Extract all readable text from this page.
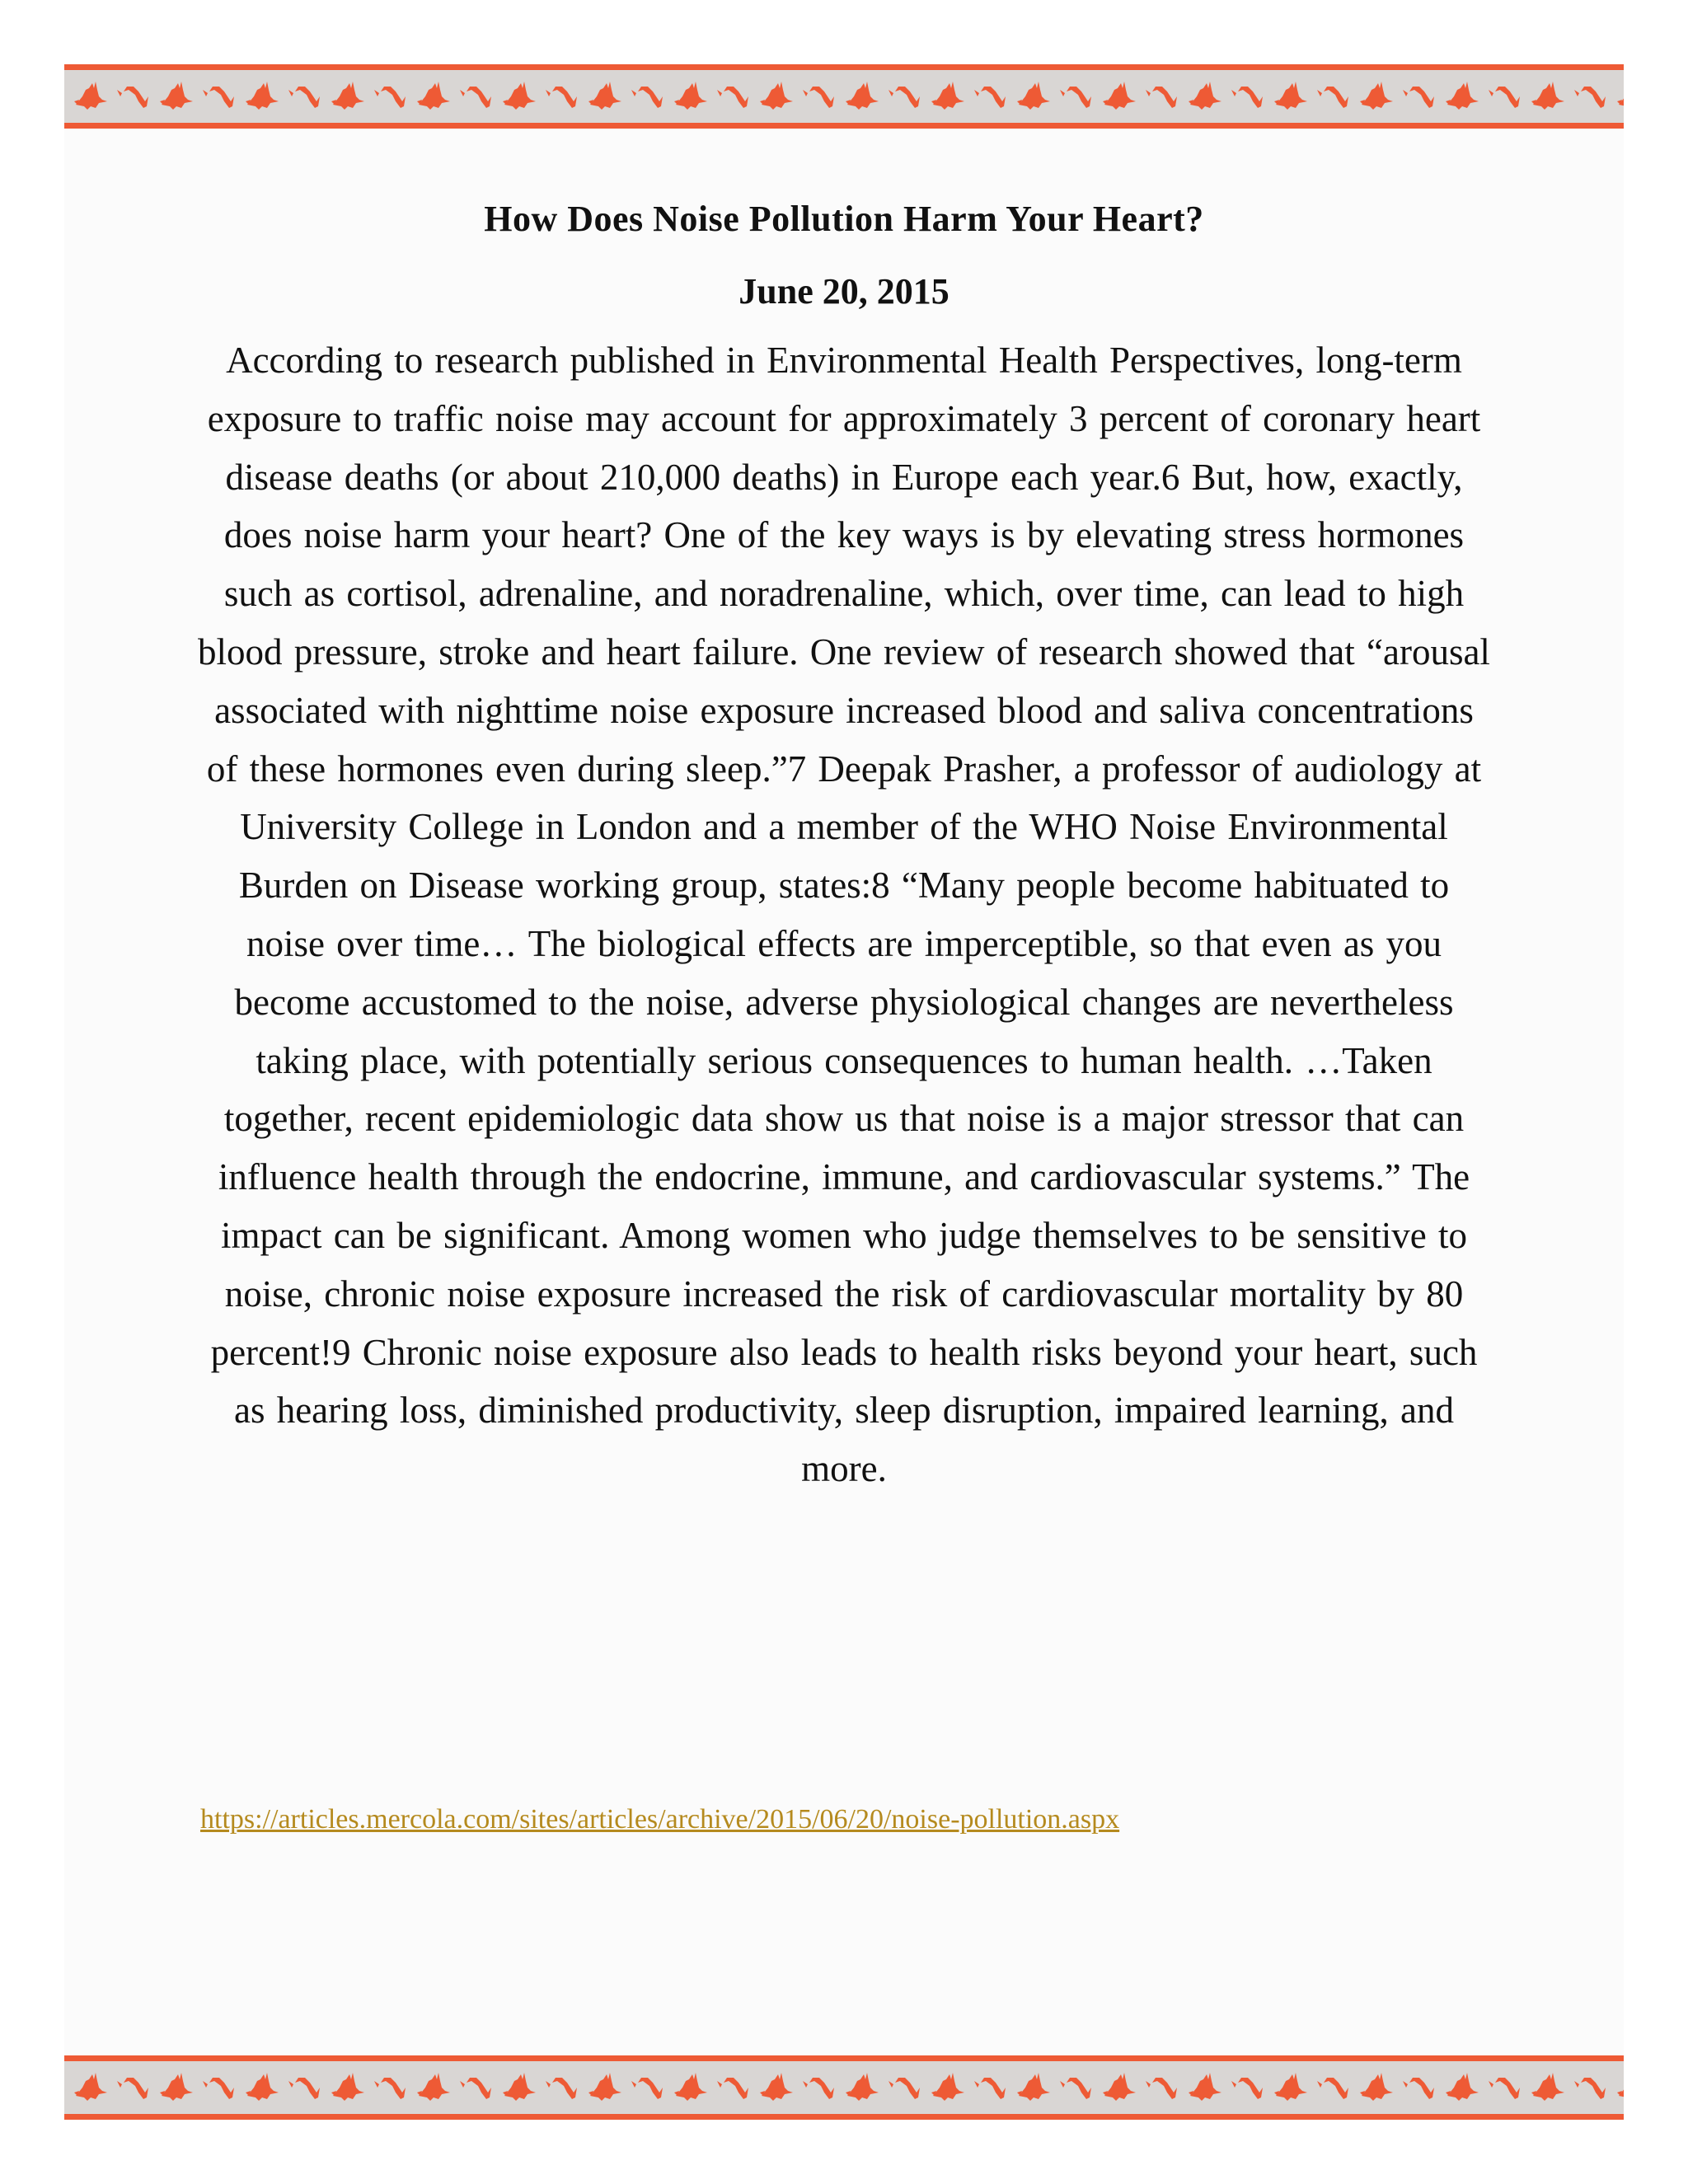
How Does Noise Pollution Harm Your Heart?
June 20, 2015

According to research published in Environmental Health Perspectives, long-term exposure to traffic noise may account for approximately 3 percent of coronary heart disease deaths (or about 210,000 deaths) in Europe each year.6 But, how, exactly, does noise harm your heart? One of the key ways is by elevating stress hormones such as cortisol, adrenaline, and noradrenaline, which, over time, can lead to high blood pressure, stroke and heart failure. One review of research showed that “arousal associated with nighttime noise exposure increased blood and saliva concentrations of these hormones even during sleep.”7 Deepak Prasher, a professor of audiology at University College in London and a member of the WHO Noise Environmental Burden on Disease working group, states:8 “Many people become habituated to noise over time… The biological effects are imperceptible, so that even as you become accustomed to the noise, adverse physiological changes are nevertheless taking place, with potentially serious consequences to human health. …Taken together, recent epidemiologic data show us that noise is a major stressor that can influence health through the endocrine, immune, and cardiovascular systems.” The impact can be significant. Among women who judge themselves to be sensitive to noise, chronic noise exposure increased the risk of cardiovascular mortality by 80 percent!9 Chronic noise exposure also leads to health risks beyond your heart, such as hearing loss, diminished productivity, sleep disruption, impaired learning, and more.

https://articles.mercola.com/sites/articles/archive/2015/06/20/noise-pollution.aspx
